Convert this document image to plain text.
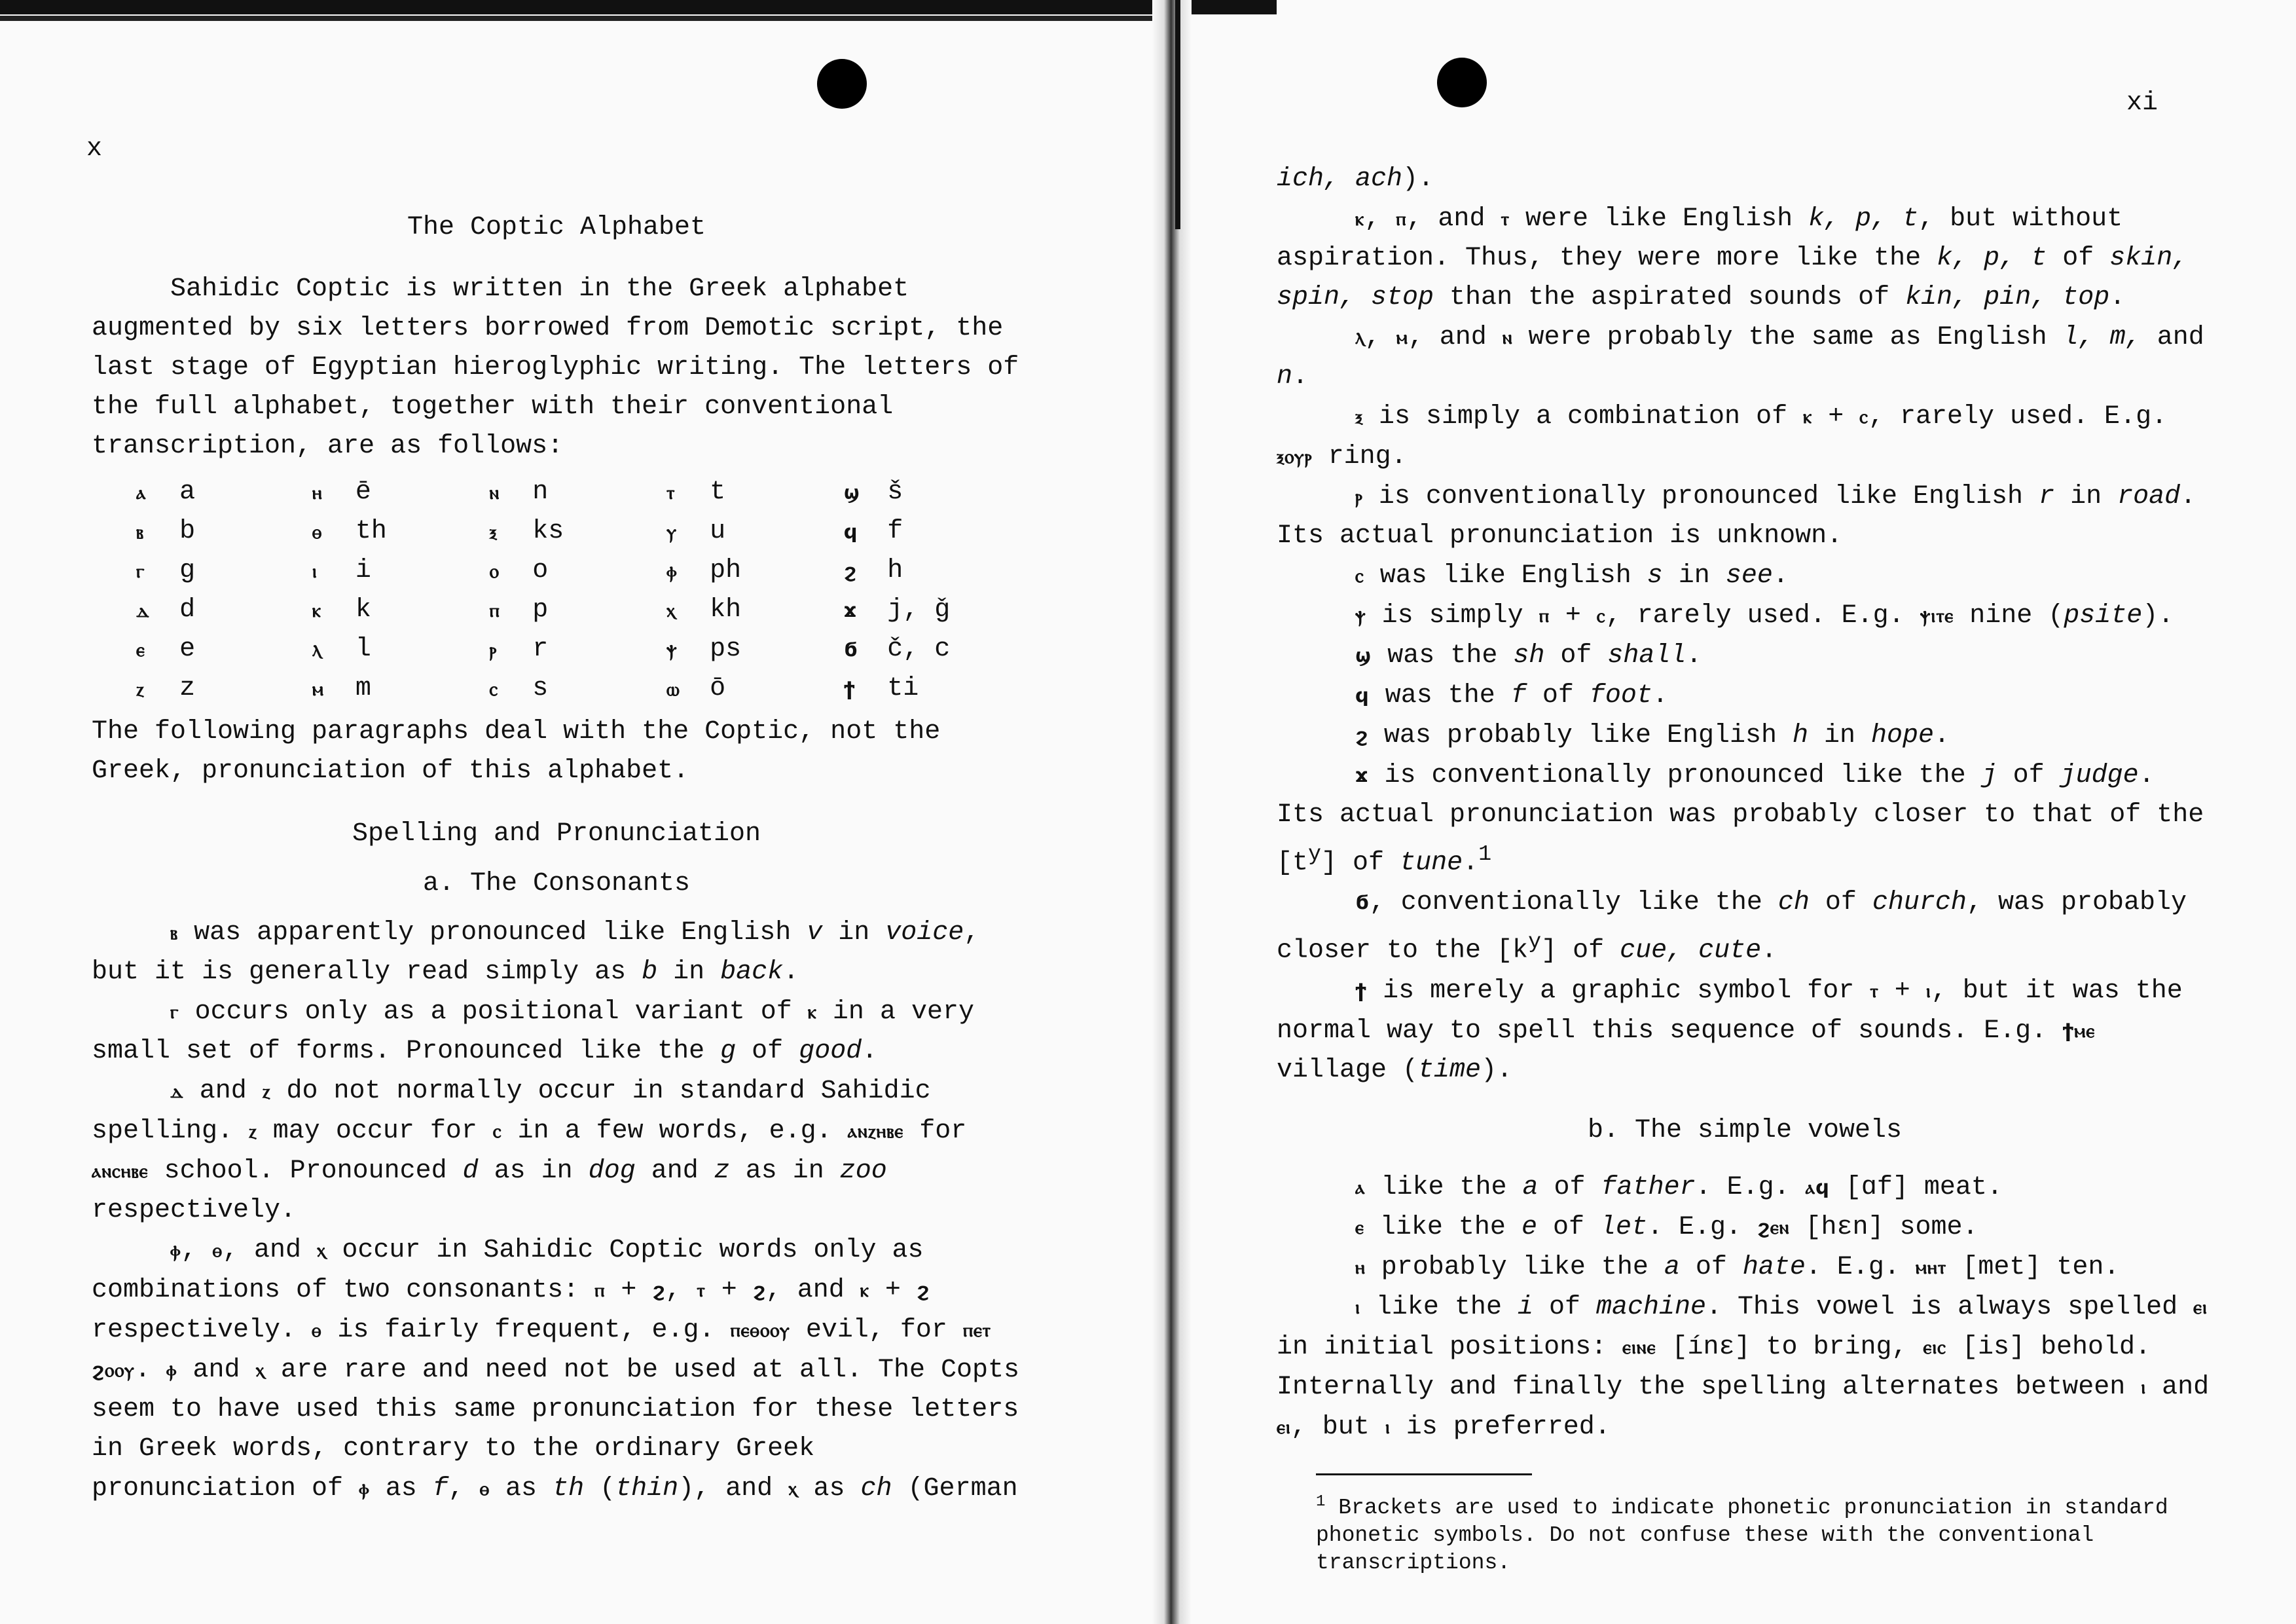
x

The Coptic Alphabet

Sahidic Coptic is written in the Greek alphabet augmented by six letters borrowed from Demotic script, the last stage of Egyptian hieroglyphic writing. The letters of the full alphabet, together with their conventional transcription, are as follows:

ⲁ	a	ⲏ	ē	ⲛ	n	ⲧ	t	ϣ	š
ⲃ	b	ⲑ	th	ⲝ	ks	ⲩ	u	ϥ	f
ⲅ	g	ⲓ	i	ⲟ	o	ⲫ	ph	ϩ	h
ⲇ	d	ⲕ	k	ⲡ	p	ⲭ	kh	ϫ	j, ǧ
ⲉ	e	ⲗ	l	ⲣ	r	ⲯ	ps	ϭ	č, c
ⲍ	z	ⲙ	m	ⲥ	s	ⲱ	ō	ϯ	ti

The following paragraphs deal with the Coptic, not the Greek, pronunciation of this alphabet.

Spelling and Pronunciation

a. The Consonants

ⲃ was apparently pronounced like English v in voice, but it is generally read simply as b in back.

ⲅ occurs only as a positional variant of ⲕ in a very small set of forms. Pronounced like the g of good.

ⲇ and ⲍ do not normally occur in standard Sahidic spelling. ⲍ may occur for ⲥ in a few words, e.g. ⲁⲛⲍⲏⲃⲉ for ⲁⲛⲥⲏⲃⲉ school. Pronounced d as in dog and z as in zoo respectively.

ⲫ, ⲑ, and ⲭ occur in Sahidic Coptic words only as combinations of two consonants: ⲡ + ϩ, ⲧ + ϩ, and ⲕ + ϩ respectively. ⲑ is fairly frequent, e.g. ⲡⲉⲑⲟⲟⲩ evil, for ⲡⲉⲧ ϩⲟⲟⲩ. ⲫ and ⲭ are rare and need not be used at all. The Copts seem to have used this same pronunciation for these letters in Greek words, contrary to the ordinary Greek pronunciation of ⲫ as f, ⲑ as th (thin), and ⲭ as ch (German

xi

ich, ach).

ⲕ, ⲡ, and ⲧ were like English k, p, t, but without aspiration. Thus, they were more like the k, p, t of skin, spin, stop than the aspirated sounds of kin, pin, top.

ⲗ, ⲙ, and ⲛ were probably the same as English l, m, and n.

ⲝ is simply a combination of ⲕ + ⲥ, rarely used. E.g. ⲝⲟⲩⲣ ring.

ⲣ is conventionally pronounced like English r in road. Its actual pronunciation is unknown.

ⲥ was like English s in see.

ⲯ is simply ⲡ + ⲥ, rarely used. E.g. ⲯⲓⲧⲉ nine (psite).

ϣ was the sh of shall.

ϥ was the f of foot.

ϩ was probably like English h in hope.

ϫ is conventionally pronounced like the j of judge. Its actual pronunciation was probably closer to that of the $[t^y]$ of tune.$^1$

ϭ, conventionally like the ch of church, was probably closer to the $[k^y]$ of cue, cute.

ϯ is merely a graphic symbol for ⲧ + ⲓ, but it was the normal way to spell this sequence of sounds. E.g. ϯⲙⲉ village (time).

b. The simple vowels

ⲁ like the a of father. E.g. ⲁϥ [ɑf] meat.

ⲉ like the e of let. E.g. ϩⲉⲛ [hɛn] some.

ⲏ probably like the a of hate. E.g. ⲙⲏⲧ [met] ten.

ⲓ like the i of machine. This vowel is always spelled ⲉⲓ in initial positions: ⲉⲓⲛⲉ [ínɛ] to bring, ⲉⲓⲥ [is] behold. Internally and finally the spelling alternates between ⲓ and ⲉⲓ, but ⲓ is preferred.

$^1$ Brackets are used to indicate phonetic pronunciation in standard phonetic symbols. Do not confuse these with the conventional transcriptions.
